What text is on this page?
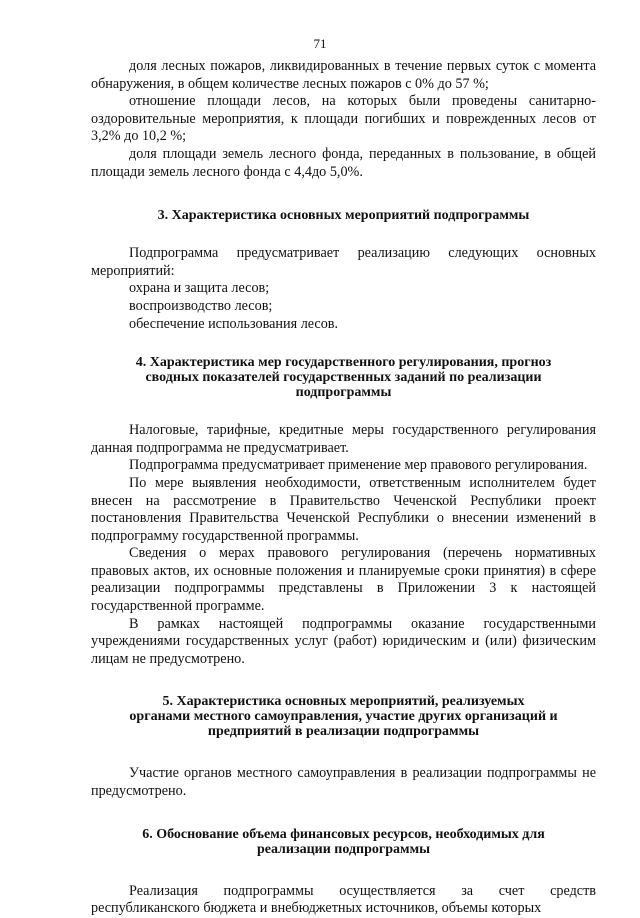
71

доля лесных пожаров, ликвидированных в течение первых суток с момента обнаружения, в общем количестве лесных пожаров с 0% до 57 %;

отношение площади лесов, на которых были проведены санитарно-оздоровительные мероприятия, к площади погибших и поврежденных лесов от 3,2% до 10,2 %;

доля площади земель лесного фонда, переданных в пользование, в общей площади земель лесного фонда с 4,4до 5,0%.

3. Характеристика основных мероприятий подпрограммы

Подпрограмма предусматривает реализацию следующих основных мероприятий:

охрана и защита лесов;

воспроизводство лесов;

обеспечение использования лесов.

4. Характеристика мер государственного регулирования, прогноз
сводных показателей государственных заданий по реализации
подпрограммы

Налоговые, тарифные, кредитные меры государственного регулирования данная подпрограмма не предусматривает.

Подпрограмма предусматривает применение мер правового регулирования.

По мере выявления необходимости, ответственным исполнителем будет внесен на рассмотрение в Правительство Чеченской Республики проект постановления Правительства Чеченской Республики о внесении изменений в подпрограмму государственной программы.

Сведения о мерах правового регулирования (перечень нормативных правовых актов, их основные положения и планируемые сроки принятия) в сфере реализации подпрограммы представлены в Приложении 3 к настоящей государственной программе.

В рамках настоящей подпрограммы оказание государственными учреждениями государственных услуг (работ) юридическим и (или) физическим лицам не предусмотрено.

5. Характеристика основных мероприятий, реализуемых
органами местного самоуправления, участие других организаций и
предприятий в реализации подпрограммы

Участие органов местного самоуправления в реализации подпрограммы не предусмотрено.

6. Обоснование объема финансовых ресурсов, необходимых для
реализации подпрограммы

Реализация подпрограммы осуществляется за счет средств республиканского бюджета и внебюджетных источников, объемы которых
